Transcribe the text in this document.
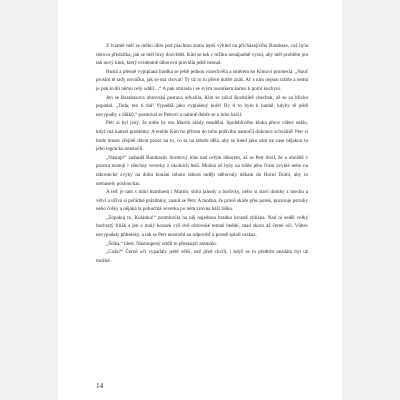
Z lvíamě měl ze mého úhlu pod plachtou stanu lepší výhled na přicházejícího Barabase, což byla obrova předzítka, jak se měl brzy dozvědět. Kim se tak v mžiku nenápadně vyzul, aby měl problém jen tak nový kluk, který evidentně táborová pravidla ještě neznal.

Hustá a přesně vypiplaná bradka se ještě jednou rozechvěla a směrem ke Kimovi promesla: „Nauč prosím tě tady nováčka, jak se má chovat! Ty už to tu přece dobře znáš. Ať s ním nejsou trable a nemá je pak kvůli němu celý oddíl…“ A pak zmizela i se svým nosníkem kamsi k polní kuchyni.

Jen se Barabasova obrovská postava odvalila, Kim se začal škodolibě chechtat, až se za břicho popadal. „Teda, ten ti dal! Vypadáš jako vyplašený kuře! By ti to bylo k hanbě, kdyby tě ještě nevypadly z důlků,“ posmíval se Petrovi a námně dobře se u toho bavil.

Petr si byl jistý, že tohle by mu Martin nikdy neudělal. Spolehlivého kluka přece vůbec nešlo, když má kamoš problémy. A tenhle Kim ho přitom do toho prášviho namočil dokonce schválně! Petr si bude muset zřejmě dávat pozor na to, co tu na táboře dělá, aby se hned jako sám ne zase nějakou tu jeho legrácku nenkočil.

„Nástup!“ zaduněl Barabasův hromový hlas nad celým táborem, až se Petr divil, že u ohniště v pozoru nestojí i všechny veverky z okolních lesů. Možná už byly na tohle jeho řvaní zvyklé nebo na tábornické zvyky na dobu konání tohoto tábora raději stěhovaly někam do Horní Dolní, aby to nemusely poslouchat.

A teď je tam s ními martinem i Martin, sbírá jahody a borůvky, nebo si staví domky z mechu a větví a užívá si pořádné prázdniny, zasnil se Petr. A možná, že právě skáče přes potok, pozoruje pstruhy nebo čolky a nějaká ta pobuchlá veverka po něm zrovna háží šišku.

„Zopakuj to, Kolánku!“ promluvila na něj najednou bradka hrozně zblízka. Nad ní seděl velký bachratý frňák a jen o malý kousek výš dvě obrovské temné hnědé, snad skoro až černé oči. Vůbec nevypadaly přátelsky, a tak se Petr nezmohl na odpověď a prostě splnil rozkaz.

„Šiška,“ hlesl. Nastoupený oddíl to přeskupil zasmálo.

„Cože?“ Černé oči vypadaly ještě větší, než před chvílí, i když se to předtím nezdálo být už možné.

14
